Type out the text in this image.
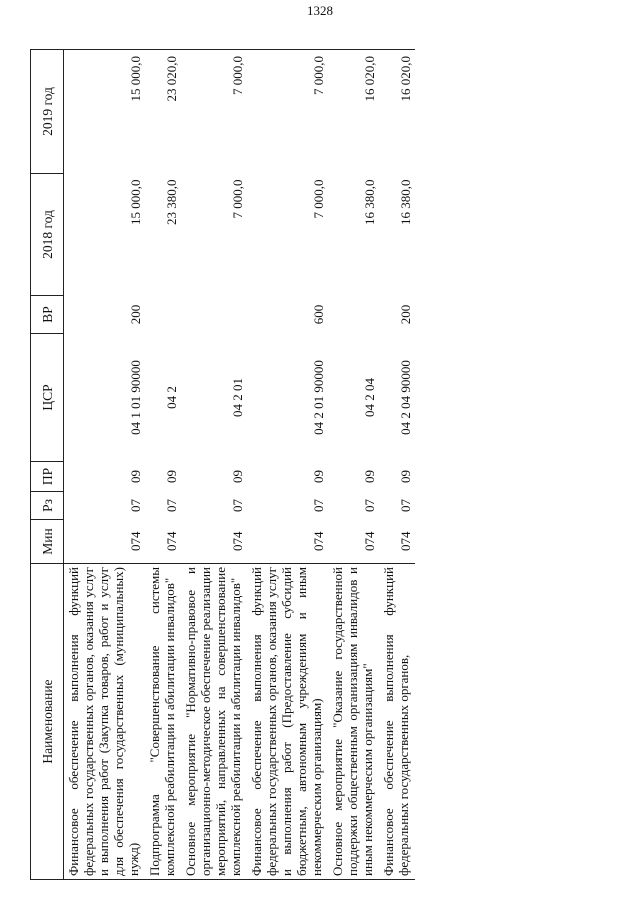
1328
Наименование	Мин	Рз	ПР	ЦСР	ВР	2018 год	2019 год
Финансовое обеспечение выполнения функций федеральных государственных органов, оказания услуг и выполнения работ (Закупка товаров, работ и услуг для обеспечения государственных (муниципальных) нужд)	074	07	09	04 1 01 90000	200	15 000,0	15 000,0
Подпрограмма "Совершенствование системы комплексной реабилитации и абилитации инвалидов"	074	07	09	04 2		23 380,0	23 020,0
Основное мероприятие "Нормативно-правовое и организационно-методическое обеспечение реализации мероприятий, направленных на совершенствование комплексной реабилитации и абилитации инвалидов"	074	07	09	04 2 01		7 000,0	7 000,0
Финансовое обеспечение выполнения функций федеральных государственных органов, оказания услуг и выполнения работ (Предоставление субсидий бюджетным, автономным учреждениям и иным некоммерческим организациям)	074	07	09	04 2 01 90000	600	7 000,0	7 000,0
Основное мероприятие "Оказание государственной поддержки общественным организациям инвалидов и иным некоммерческим организациям"	074	07	09	04 2 04		16 380,0	16 020,0
Финансовое обеспечение выполнения функций федеральных государственных органов,	074	07	09	04 2 04 90000	200	16 380,0	16 020,0
